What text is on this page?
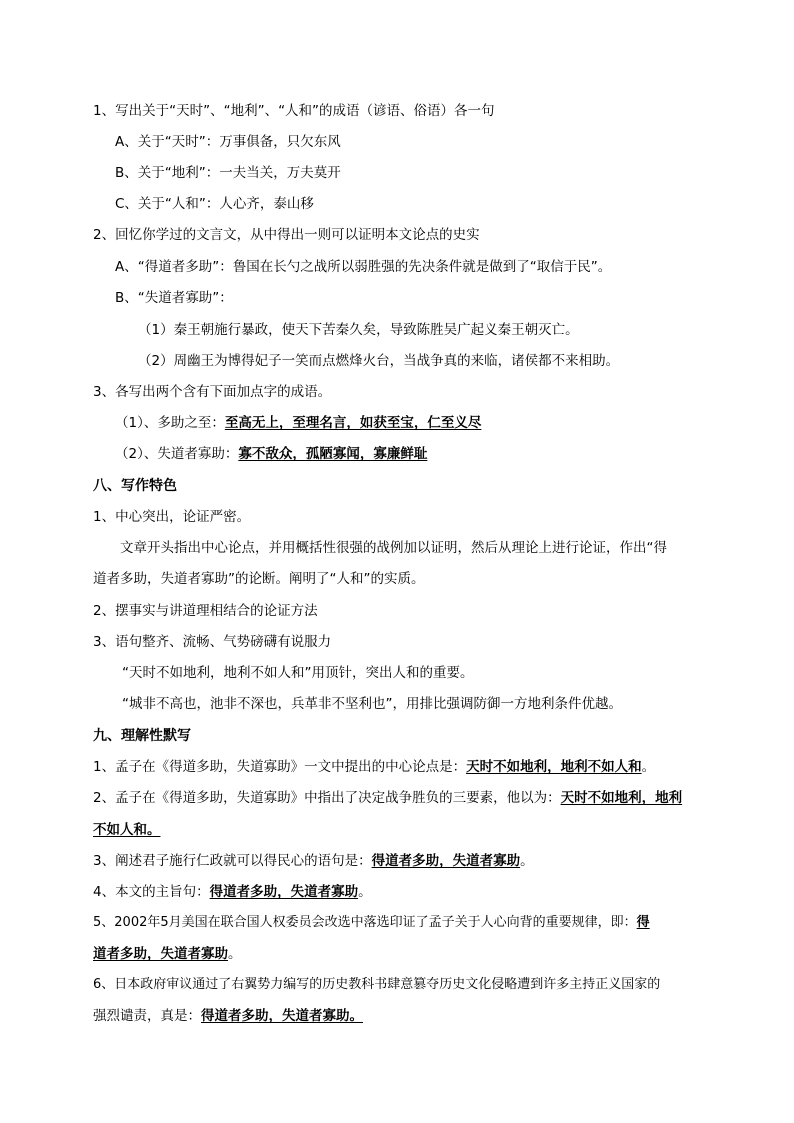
1、写出关于“天时”、“地利”、“人和”的成语（谚语、俗语）各一句
A、关于“天时”：万事俱备，只欠东风
B、关于“地利”：一夫当关，万夫莫开
C、关于“人和”：人心齐，泰山移
2、回忆你学过的文言文，从中得出一则可以证明本文论点的史实
A、“得道者多助”：鲁国在长勺之战所以弱胜强的先决条件就是做到了“取信于民”。
B、“失道者寡助”：
（1）秦王朝施行暴政，使天下苦秦久矣，导致陈胜吴广起义秦王朝灭亡。
（2）周幽王为博得妃子一笑而点燃烽火台，当战争真的来临，诸侯都不来相助。
3、各写出两个含有下面加点字的成语。
（1）、多助之至：至高无上，至理名言，如获至宝，仁至义尽
（2）、失道者寡助：寡不敌众，孤陋寡闻，寡廉鲜耻
八、写作特色
1、中心突出，论证严密。
文章开头指出中心论点，并用概括性很强的战例加以证明，然后从理论上进行论证，作出“得
道者多助，失道者寡助”的论断。阐明了“人和”的实质。
2、摆事实与讲道理相结合的论证方法
3、语句整齐、流畅、气势磅礴有说服力
“天时不如地利，地利不如人和”用顶针，突出人和的重要。
“城非不高也，池非不深也，兵革非不坚利也”，用排比强调防御一方地利条件优越。
九、理解性默写
1、孟子在《得道多助，失道寡助》一文中提出的中心论点是：天时不如地利，地利不如人和。
2、孟子在《得道多助，失道寡助》中指出了决定战争胜负的三要素，他以为：天时不如地利，地利
不如人和。
3、阐述君子施行仁政就可以得民心的语句是：得道者多助，失道者寡助。
4、本文的主旨句：得道者多助，失道者寡助。
5、2002年5月美国在联合国人权委员会改选中落选印证了孟子关于人心向背的重要规律，即：得
道者多助，失道者寡助。
6、日本政府审议通过了右翼势力编写的历史教科书肆意篡夺历史文化侵略遭到许多主持正义国家的
强烈谴责，真是：得道者多助，失道者寡助。
